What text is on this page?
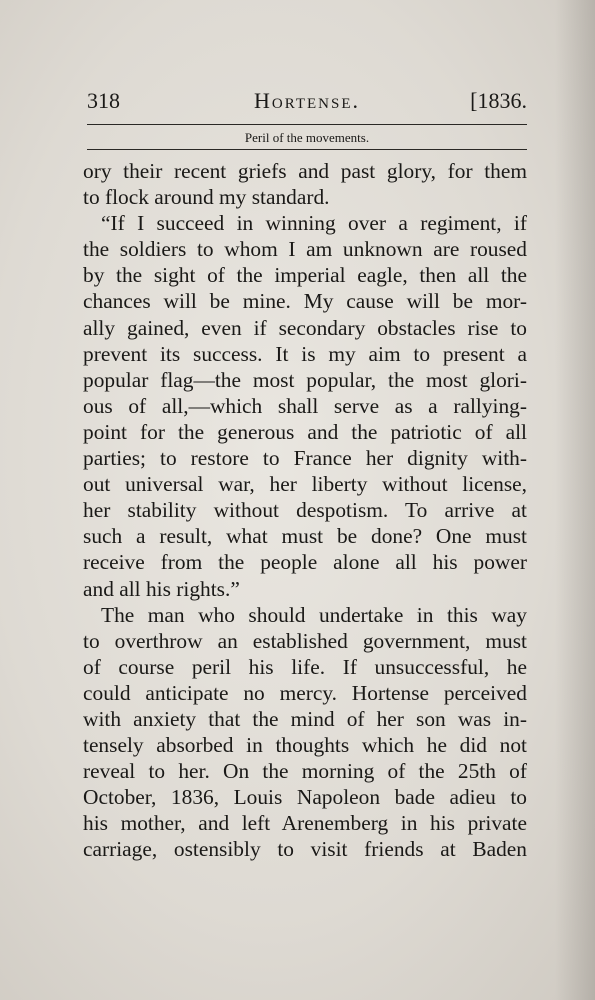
318	Hortense.	[1836.
Peril of the movements.
ory their recent griefs and past glory, for them
to flock around my standard.
“If I succeed in winning over a regiment, if
the soldiers to whom I am unknown are roused
by the sight of the imperial eagle, then all the
chances will be mine. My cause will be mor-
ally gained, even if secondary obstacles rise to
prevent its success. It is my aim to present a
popular flag—the most popular, the most glori-
ous of all,—which shall serve as a rallying-
point for the generous and the patriotic of all
parties; to restore to France her dignity with-
out universal war, her liberty without license,
her stability without despotism. To arrive at
such a result, what must be done? One must
receive from the people alone all his power
and all his rights.”
The man who should undertake in this way
to overthrow an established government, must
of course peril his life. If unsuccessful, he
could anticipate no mercy. Hortense perceived
with anxiety that the mind of her son was in-
tensely absorbed in thoughts which he did not
reveal to her. On the morning of the 25th of
October, 1836, Louis Napoleon bade adieu to
his mother, and left Arenemberg in his private
carriage, ostensibly to visit friends at Baden
